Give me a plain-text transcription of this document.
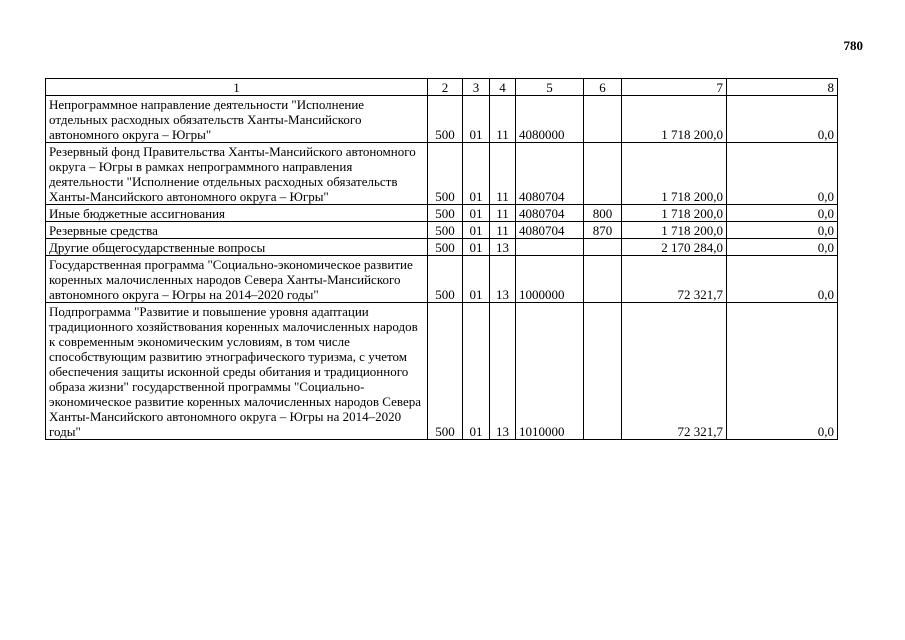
780
1	2	3	4	5	6	7	8
Непрограммное направление деятельности "Исполнение отдельных расходных обязательств Ханты-Мансийского автономного округа – Югры"	500	01	11	4080000		1 718 200,0	0,0
Резервный фонд Правительства Ханты-Мансийского автономного округа – Югры в рамках непрограммного направления деятельности "Исполнение отдельных расходных обязательств Ханты-Мансийского автономного округа – Югры"	500	01	11	4080704		1 718 200,0	0,0
Иные бюджетные ассигнования	500	01	11	4080704	800	1 718 200,0	0,0
Резервные средства	500	01	11	4080704	870	1 718 200,0	0,0
Другие общегосударственные вопросы	500	01	13			2 170 284,0	0,0
Государственная программа "Социально-экономическое развитие коренных малочисленных народов Севера Ханты-Мансийского автономного округа – Югры на 2014–2020 годы"	500	01	13	1000000		72 321,7	0,0
Подпрограмма "Развитие и повышение уровня адаптации традиционного хозяйствования коренных малочисленных народов к современным экономическим условиям, в том числе способствующим развитию этнографического туризма, с учетом обеспечения защиты исконной среды обитания и традиционного образа жизни" государственной программы "Социально-экономическое развитие коренных малочисленных народов Севера Ханты-Мансийского автономного округа – Югры на 2014–2020 годы"	500	01	13	1010000		72 321,7	0,0
